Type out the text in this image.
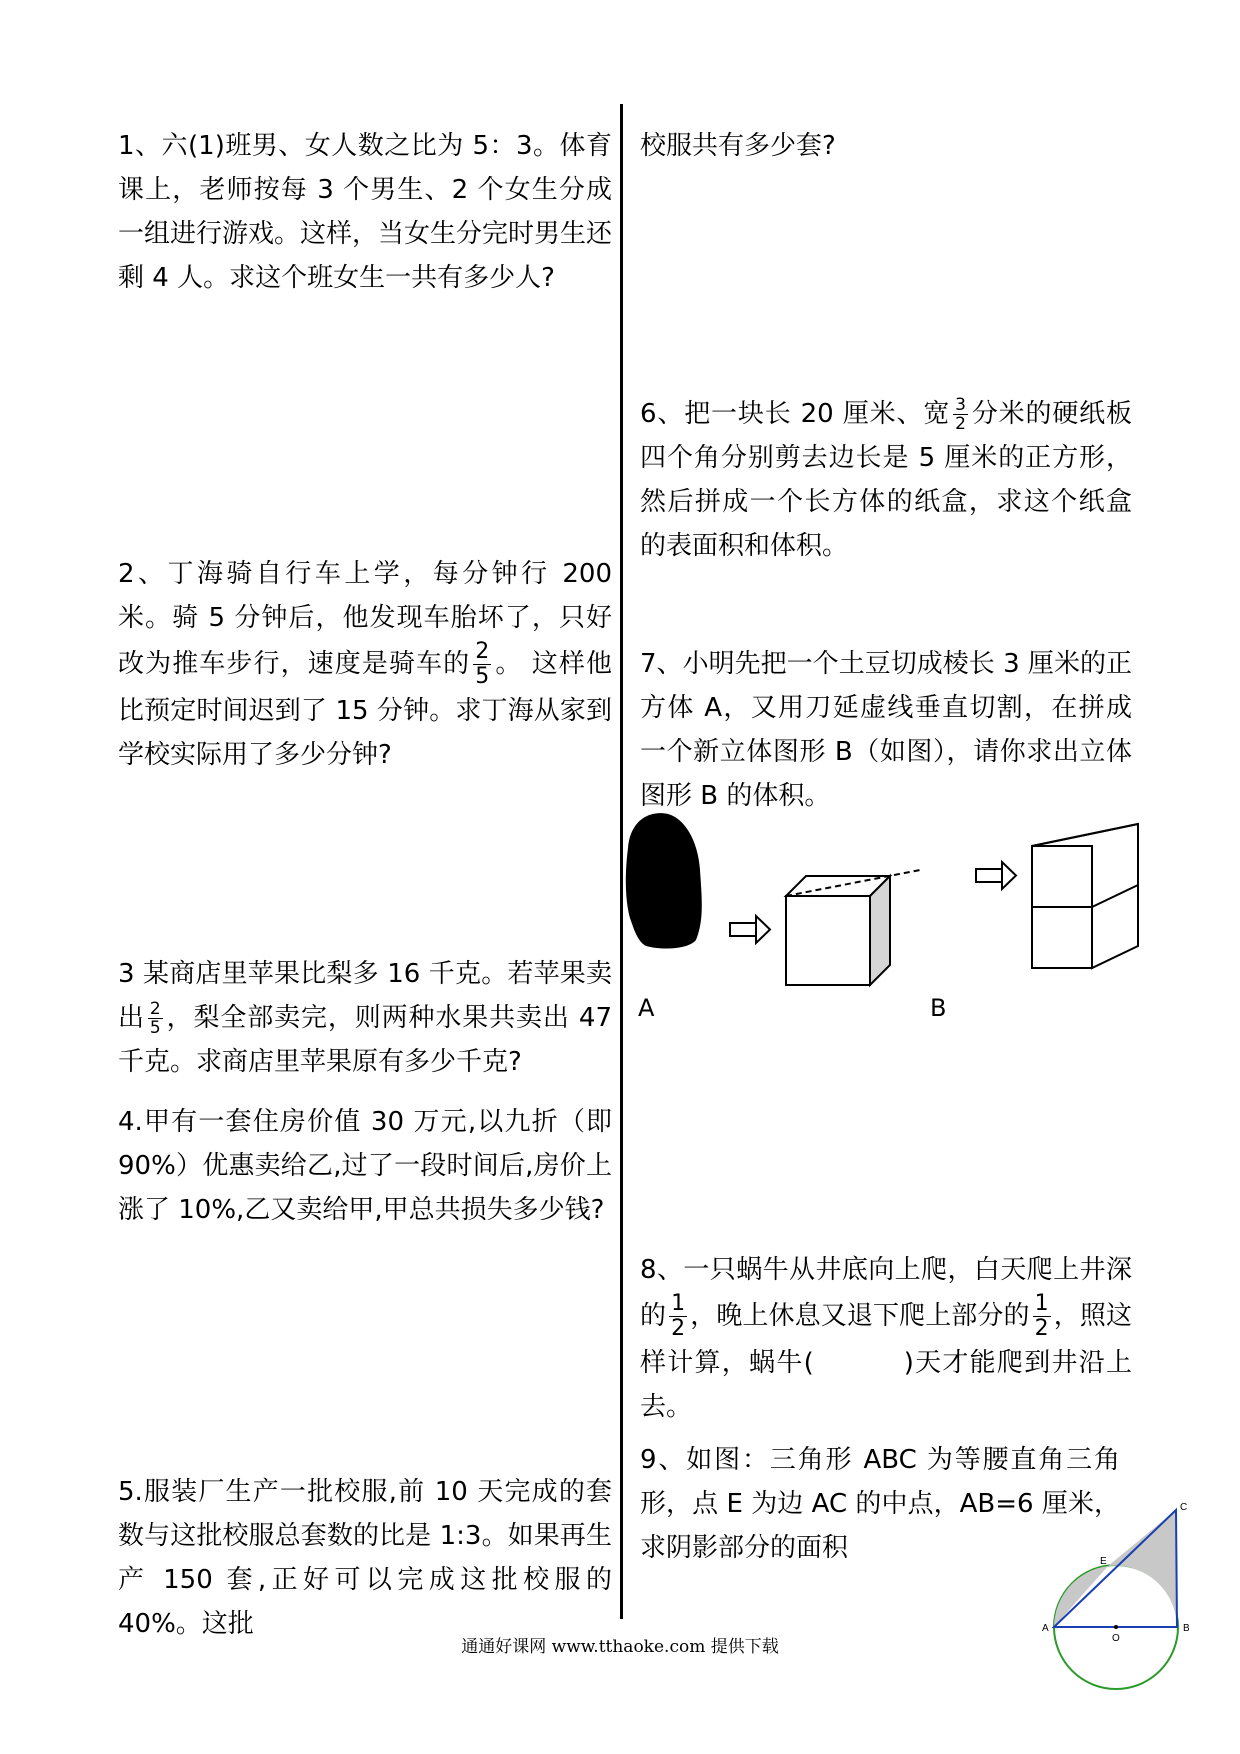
1、六(1)班男、女人数之比为 5：3。体育课上，老师按每 3 个男生、2 个女生分成一组进行游戏。这样，当女生分完时男生还剩 4 人。求这个班女生一共有多少人?
2、丁海骑自行车上学，每分钟行 200 米。骑 5 分钟后，他发现车胎坏了，只好改为推车步行，速度是骑车的 $\frac{2}{5}$ 。 这样他比预定时间迟到了 15 分钟。求丁海从家到学校实际用了多少分钟?
3 某商店里苹果比梨多 16 千克。若苹果卖出 $\frac{2}{5}$ ，梨全部卖完，则两种水果共卖出 47 千克。求商店里苹果原有多少千克?
4.甲有一套住房价值 30 万元,以九折（即90%）优惠卖给乙,过了一段时间后,房价上涨了 10%,乙又卖给甲,甲总共损失多少钱?
5.服装厂生产一批校服,前 10 天完成的套数与这批校服总套数的比是 1:3。如果再生产 150 套,正好可以完成这批校服的 40%。这批
校服共有多少套?
6、把一块长 20 厘米、宽 $\frac{3}{2}$ 分米的硬纸板四个角分别剪去边长是 5 厘米的正方形，然后拼成一个长方体的纸盒，求这个纸盒的表面积和体积。
7、小明先把一个土豆切成棱长 3 厘米的正方体 A，又用刀延虚线垂直切割，在拼成一个新立体图形 B（如图），请你求出立体图形 B 的体积。
A	B
8、一只蜗牛从井底向上爬，白天爬上井深的 $\frac{1}{2}$ ，晚上休息又退下爬上部分的 $\frac{1}{2}$ ，照这样计算，蜗牛(	)天才能爬到井沿上去。
9、如图：三角形 ABC 为等腰直角三角形，点 E 为边 AC 的中点，AB=6 厘米，求阴影部分的面积
A	B
C
E
O
通通好课网 www.tthaoke.com 提供下载
